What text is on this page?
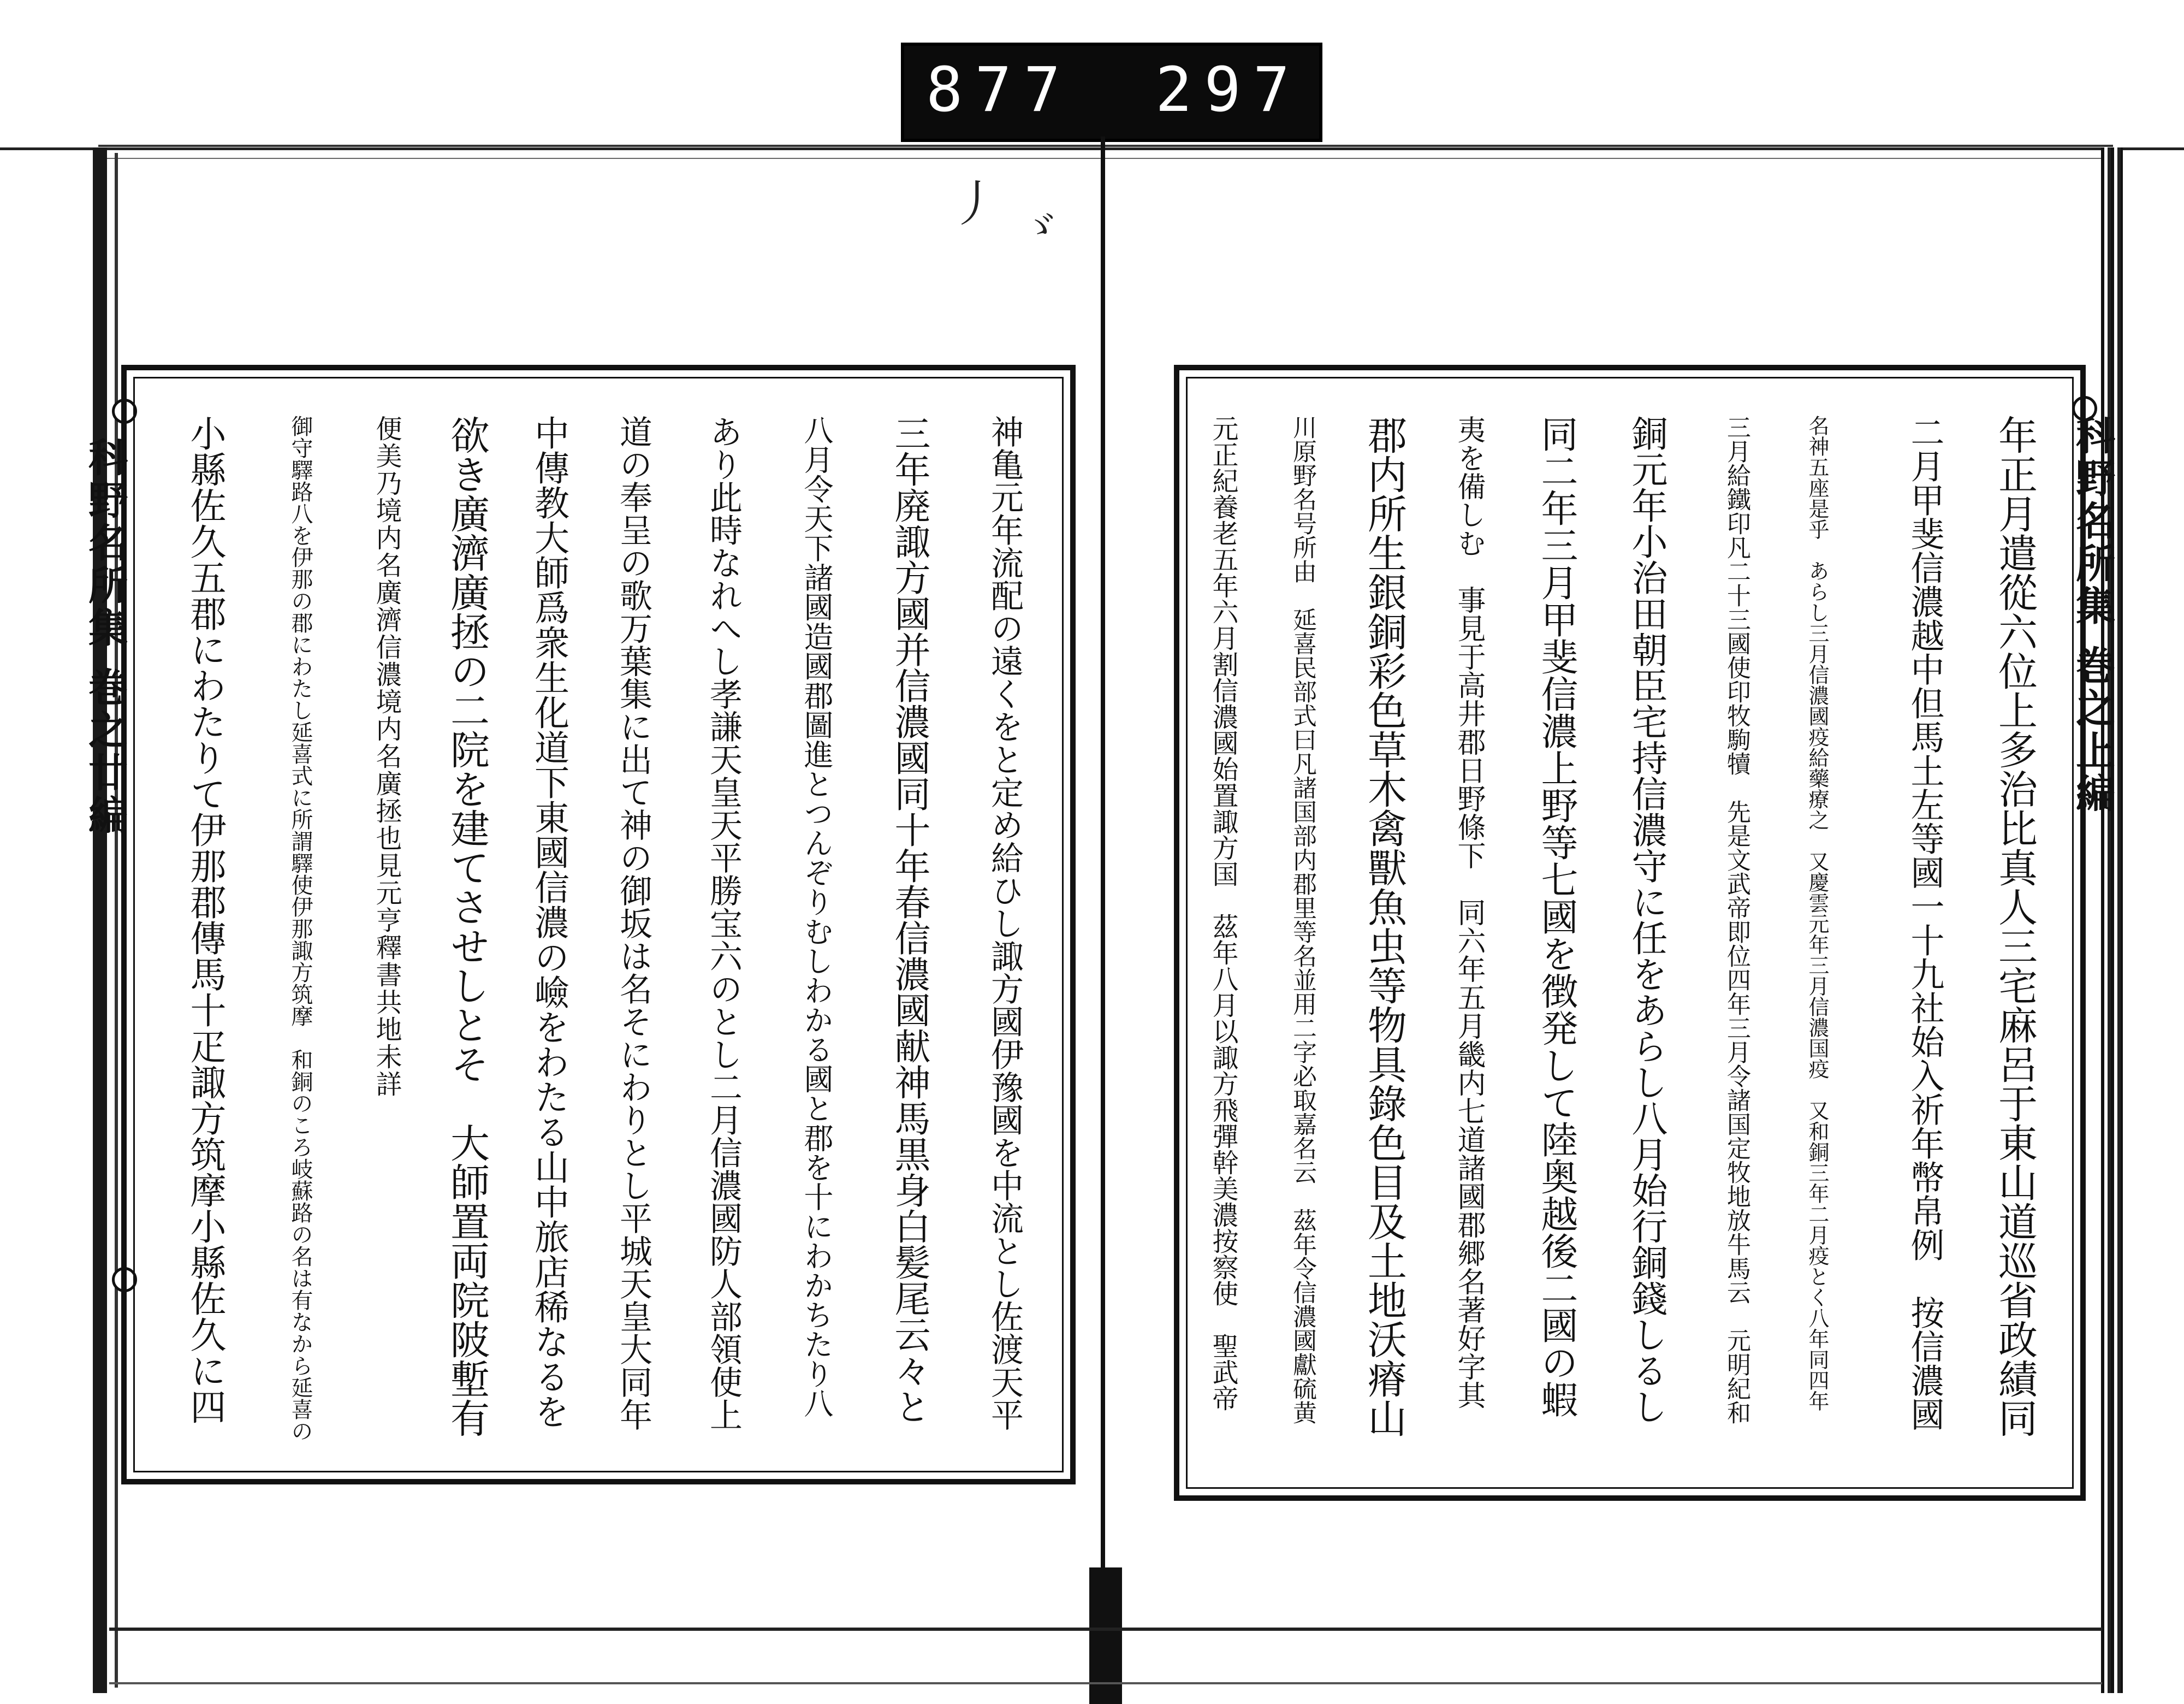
877 297
丿 ゞ
科野名所集 巻之廿編	科野名所集 巻之上編
神亀元年流配の遠くをと定め給ひし諏方國伊豫國を中流とし佐渡天平
三年廃諏方國并信濃國同十年春信濃國献神馬黒身白髪尾云々と
八月令天下諸國造國郡圖進とつんぞりむしわかる國と郡を十にわかちたり八
あり此時なれへし孝謙天皇天平勝宝六のとし二月信濃國防人部領使上
道の奉呈の歌万葉集に出て神の御坂は名そにわりとし平城天皇大同年
中傳教大師爲衆生化道下東國信濃の嶮をわたる山中旅店稀なるを
欲き廣濟廣拯の二院を建てさせしとそ　大師置両院陂塹有
便美乃境内名廣濟信濃境内名廣拯也見元亨釋書共地未詳
御守驛路八を伊那の郡にわたし延喜式に所謂驛使伊那諏方筑摩　和銅のころ岐蘇路の名は有なから延喜の
小縣佐久五郡にわたりて伊那郡傳馬十疋諏方筑摩小縣佐久に四	年正月遣從六位上多治比真人三宅麻呂于東山道巡省政績同
二月甲斐信濃越中但馬土左等國一十九社始入祈年幣帛例　按信濃國
名神五座是乎　あらし三月信濃國疫給藥療之　又慶雲元年三月信濃国疫　又和銅三年二月疫とく八年同四年
三月給鐵印凡二十三國使印牧駒犢　先是文武帝即位四年三月令諸国定牧地放牛馬云　元明紀和
銅元年小治田朝臣宅持信濃守に任をあらし八月始行銅錢しるし
同二年三月甲斐信濃上野等七國を徴発して陸奥越後二國の蝦
夷を備しむ　事見于高井郡日野條下　同六年五月畿内七道諸國郡郷名著好字其
郡内所生銀銅彩色草木禽獸魚虫等物具錄色目及土地沃瘠山
川原野名号所由　延喜民部式曰凡諸国部内郡里等名並用二字必取嘉名云　茲年令信濃國獻硫黄
元正紀養老五年六月割信濃國始置諏方国　茲年八月以諏方飛彈幹美濃按察使　聖武帝
